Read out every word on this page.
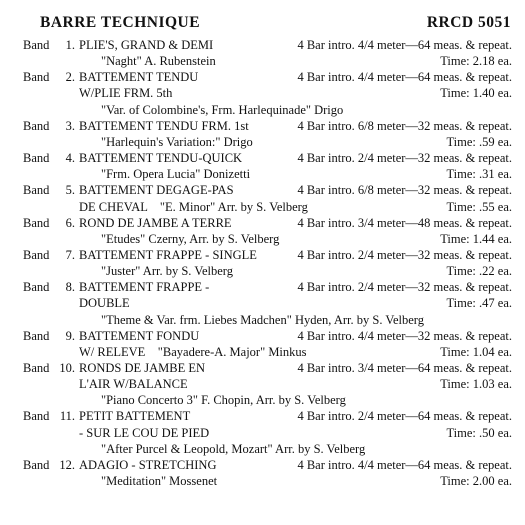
BARRE TECHNIQUE	RRCD 5051
Band	1. PLIE'S, GRAND & DEMI	4 Bar intro. 4/4 meter—64 meas. & repeat.
"Naght" A. Rubenstein	Time: 2.18 ea.
Band	2. BATTEMENT TENDU	4 Bar intro. 4/4 meter—64 meas. & repeat.
W/PLIE FRM. 5th	Time: 1.40 ea.
"Var. of Colombine's, Frm. Harlequinade" Drigo
Band	3. BATTEMENT TENDU FRM. 1st	4 Bar intro. 6/8 meter—32 meas. & repeat.
"Harlequin's Variation:" Drigo	Time: .59 ea.
Band	4. BATTEMENT TENDU-QUICK	4 Bar intro. 2/4 meter—32 meas. & repeat.
"Frm. Opera Lucia" Donizetti	Time: .31 ea.
Band	5. BATTEMENT DEGAGE-PAS	4 Bar intro. 6/8 meter—32 meas. & repeat.
DE CHEVAL    "E. Minor" Arr. by S. Velberg	Time: .55 ea.
Band	6. ROND DE JAMBE A TERRE	4 Bar intro. 3/4 meter—48 meas. & repeat.
"Etudes" Czerny, Arr. by S. Velberg	Time: 1.44 ea.
Band	7. BATTEMENT FRAPPE - SINGLE	4 Bar intro. 2/4 meter—32 meas. & repeat.
"Juster" Arr. by S. Velberg	Time: .22 ea.
Band	8. BATTEMENT FRAPPE -	4 Bar intro. 2/4 meter—32 meas. & repeat.
DOUBLE	Time: .47 ea.
"Theme & Var. frm. Liebes Madchen" Hyden, Arr. by S. Velberg
Band	9. BATTEMENT FONDU	4 Bar intro. 4/4 meter—32 meas. & repeat.
W/ RELEVE    "Bayadere-A. Major" Minkus	Time: 1.04 ea.
Band 10. RONDS DE JAMBE EN	4 Bar intro. 3/4 meter—64 meas. & repeat.
L'AIR W/BALANCE	Time: 1.03 ea.
"Piano Concerto 3" F. Chopin, Arr. by S. Velberg
Band 11. PETIT BATTEMENT	4 Bar intro. 2/4 meter—64 meas. & repeat.
- SUR LE COU DE PIED	Time: .50 ea.
"After Purcel & Leopold, Mozart" Arr. by S. Velberg
Band 12. ADAGIO - STRETCHING	4 Bar intro. 4/4 meter—64 meas. & repeat.
"Meditation" Mossenet	Time: 2.00 ea.
